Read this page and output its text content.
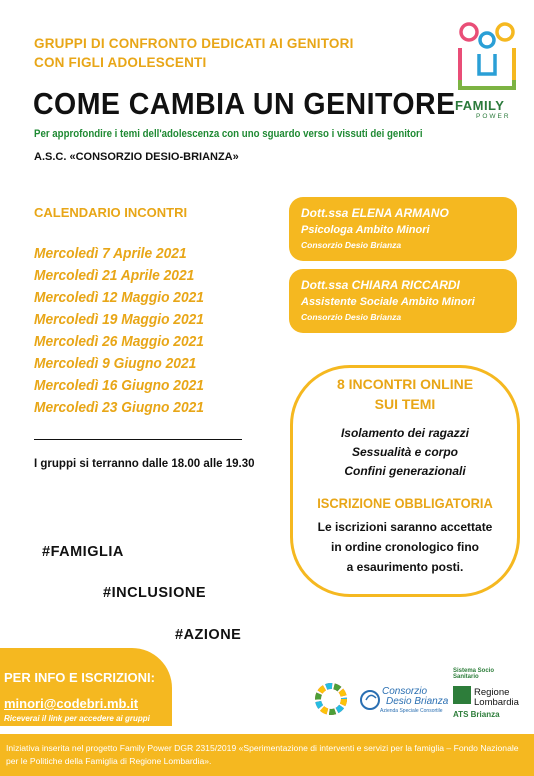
GRUPPI DI CONFRONTO DEDICATI AI GENITORI
CON FIGLI ADOLESCENTI
COME CAMBIA UN GENITORE
Per approfondire i temi dell'adolescenza con uno sguardo verso i vissuti dei genitori
A.S.C. «CONSORZIO DESIO-BRIANZA»
FAMILY
POWER
CALENDARIO INCONTRI
Mercoledì 7 Aprile 2021
Mercoledì 21 Aprile 2021
Mercoledì 12 Maggio 2021
Mercoledì 19 Maggio 2021
Mercoledì 26 Maggio 2021
Mercoledì 9 Giugno 2021
Mercoledì 16 Giugno 2021
Mercoledì 23 Giugno 2021
I gruppi si terranno dalle 18.00 alle 19.30
Dott.ssa ELENA ARMANO
Psicologa Ambito Minori
Consorzio Desio Brianza
Dott.ssa CHIARA RICCARDI
Assistente Sociale Ambito Minori
Consorzio Desio Brianza
8 INCONTRI ONLINE
SUI TEMI
Isolamento dei ragazzi
Sessualità e corpo
Confini generazionali
ISCRIZIONE OBBLIGATORIA
Le iscrizioni saranno accettate
in ordine cronologico fino
a esaurimento posti.
#FAMIGLIA
#INCLUSIONE
#AZIONE
PER INFO E ISCRIZIONI:
minori@codebri.mb.it
Riceverai il link per accedere ai gruppi
Consorzio
Desio Brianza
Azienda Speciale Consortile
Sistema Socio Sanitario
Regione
Lombardia
ATS Brianza
Iniziativa inserita nel progetto Family Power DGR 2315/2019 «Sperimentazione di interventi e servizi per la famiglia – Fondo Nazionale per le Politiche della Famiglia di Regione Lombardia».
